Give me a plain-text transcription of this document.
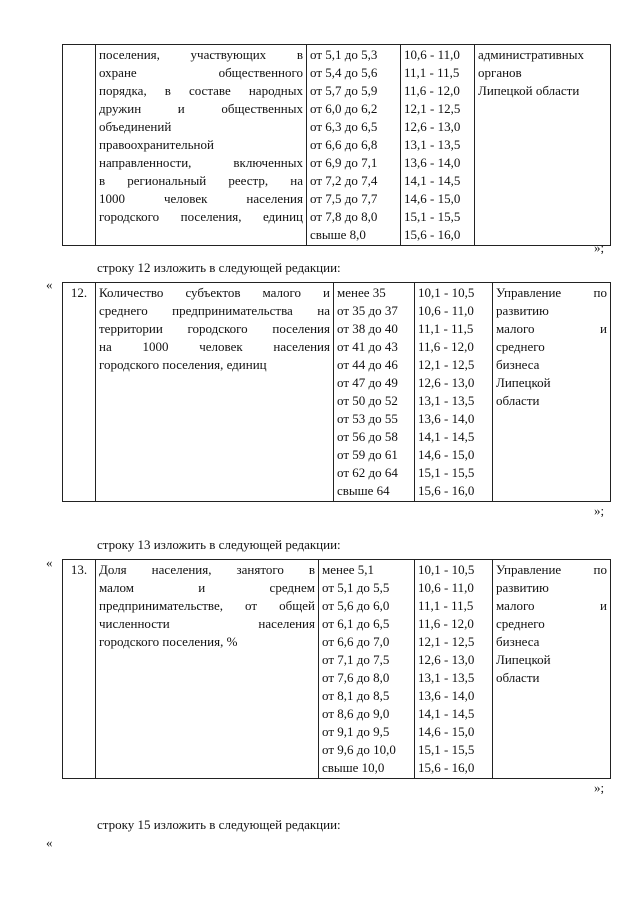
поселения, участвующих в
охране общественного
порядка, в составе народных
дружин и общественных
объединений
правоохранительной
направленности, включенных
в региональный реестр, на
1000 человек населения
городского поселения, единиц

от 5,1 до 5,3
от 5,4 до 5,6
от 5,7 до 5,9
от 6,0 до 6,2
от 6,3 до 6,5
от 6,6 до 6,8
от 6,9 до 7,1
от 7,2 до 7,4
от 7,5 до 7,7
от 7,8 до 8,0
свыше 8,0

10,6 - 11,0
11,1 - 11,5
11,6 - 12,0
12,1 - 12,5
12,6 - 13,0
13,1 - 13,5
13,6 - 14,0
14,1 - 14,5
14,6 - 15,0
15,1 - 15,5
15,6 - 16,0

административных
органов
Липецкой области
»;
строку 12 изложить в следующей редакции:
«
12.	Количество субъектов малого и
среднего предпринимательства на
территории городского поселения
на 1000 человек населения
городского поселения, единиц

менее 35
от 35 до 37
от 38 до 40
от 41 до 43
от 44 до 46
от 47 до 49
от 50 до 52
от 53 до 55
от 56 до 58
от 59 до 61
от 62 до 64
свыше 64

10,1 - 10,5
10,6 - 11,0
11,1 - 11,5
11,6 - 12,0
12,1 - 12,5
12,6 - 13,0
13,1 - 13,5
13,6 - 14,0
14,1 - 14,5
14,6 - 15,0
15,1 - 15,5
15,6 - 16,0

Управление по
развитию
малого и
среднего
бизнеса
Липецкой
области
»;
строку 13 изложить в следующей редакции:
« 13.	Доля населения, занятого в
малом и среднем
предпринимательстве, от общей
численности населения
городского поселения, %

менее 5,1
от 5,1 до 5,5
от 5,6 до 6,0
от 6,1 до 6,5
от 6,6 до 7,0
от 7,1 до 7,5
от 7,6 до 8,0
от 8,1 до 8,5
от 8,6 до 9,0
от 9,1 до 9,5
от 9,6 до 10,0
свыше 10,0

10,1 - 10,5
10,6 - 11,0
11,1 - 11,5
11,6 - 12,0
12,1 - 12,5
12,6 - 13,0
13,1 - 13,5
13,6 - 14,0
14,1 - 14,5
14,6 - 15,0
15,1 - 15,5
15,6 - 16,0

Управление по
развитию
малого и
среднего
бизнеса
Липецкой
области
»;
строку 15 изложить в следующей редакции:
«
